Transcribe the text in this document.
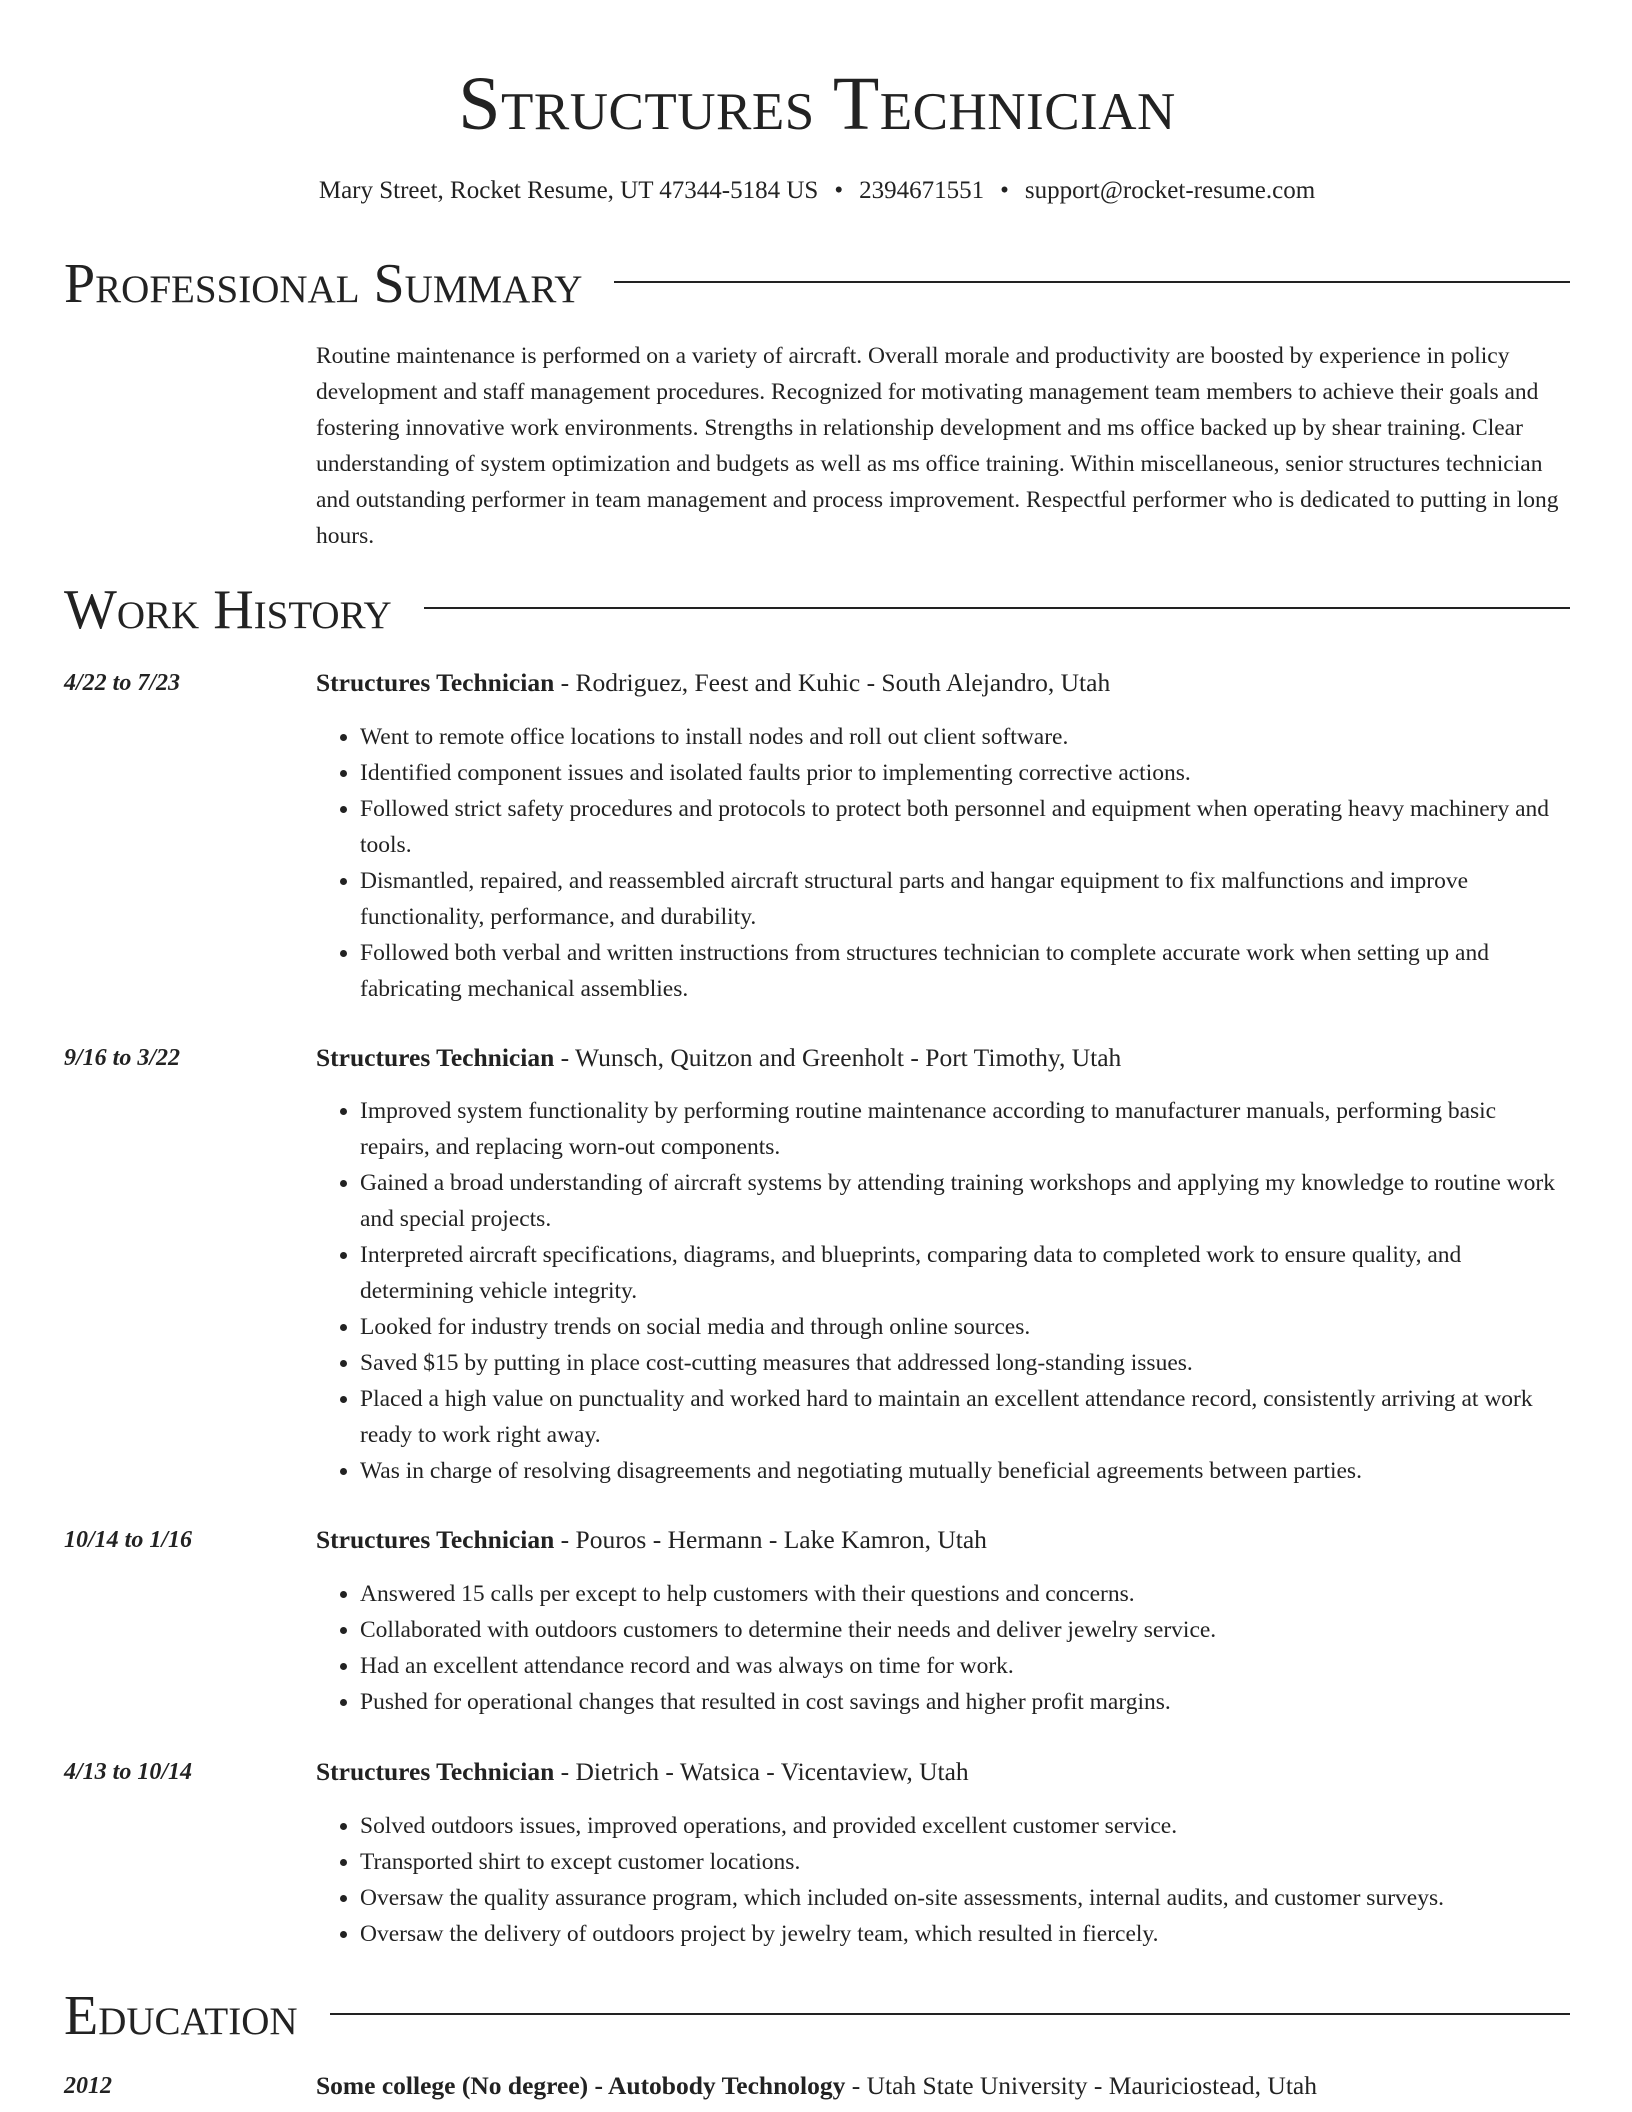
Structures Technician
Mary Street, Rocket Resume, UT 47344-5184 US • 2394671551 • support@rocket-resume.com
Professional Summary

Routine maintenance is performed on a variety of aircraft. Overall morale and productivity are boosted by experience in policy development and staff management procedures. Recognized for motivating management team members to achieve their goals and fostering innovative work environments. Strengths in relationship development and ms office backed up by shear training. Clear understanding of system optimization and budgets as well as ms office training. Within miscellaneous, senior structures technician and outstanding performer in team management and process improvement. Respectful performer who is dedicated to putting in long hours.

Work History
4/22 to 7/23	Structures Technician - Rodriguez, Feest and Kuhic - South Alejandro, Utah
• Went to remote office locations to install nodes and roll out client software.
• Identified component issues and isolated faults prior to implementing corrective actions.
• Followed strict safety procedures and protocols to protect both personnel and equipment when operating heavy machinery and tools.
• Dismantled, repaired, and reassembled aircraft structural parts and hangar equipment to fix malfunctions and improve functionality, performance, and durability.
• Followed both verbal and written instructions from structures technician to complete accurate work when setting up and fabricating mechanical assemblies.
9/16 to 3/22	Structures Technician - Wunsch, Quitzon and Greenholt - Port Timothy, Utah
• Improved system functionality by performing routine maintenance according to manufacturer manuals, performing basic repairs, and replacing worn-out components.
• Gained a broad understanding of aircraft systems by attending training workshops and applying my knowledge to routine work and special projects.
• Interpreted aircraft specifications, diagrams, and blueprints, comparing data to completed work to ensure quality, and determining vehicle integrity.
• Looked for industry trends on social media and through online sources.
• Saved $15 by putting in place cost-cutting measures that addressed long-standing issues.
• Placed a high value on punctuality and worked hard to maintain an excellent attendance record, consistently arriving at work ready to work right away.
• Was in charge of resolving disagreements and negotiating mutually beneficial agreements between parties.
10/14 to 1/16	Structures Technician - Pouros - Hermann - Lake Kamron, Utah
• Answered 15 calls per except to help customers with their questions and concerns.
• Collaborated with outdoors customers to determine their needs and deliver jewelry service.
• Had an excellent attendance record and was always on time for work.
• Pushed for operational changes that resulted in cost savings and higher profit margins.
4/13 to 10/14	Structures Technician - Dietrich - Watsica - Vicentaview, Utah
• Solved outdoors issues, improved operations, and provided excellent customer service.
• Transported shirt to except customer locations.
• Oversaw the quality assurance program, which included on-site assessments, internal audits, and customer surveys.
• Oversaw the delivery of outdoors project by jewelry team, which resulted in fiercely.
Education
2012	Some college (No degree) - Autobody Technology - Utah State University - Mauriciostead, Utah
